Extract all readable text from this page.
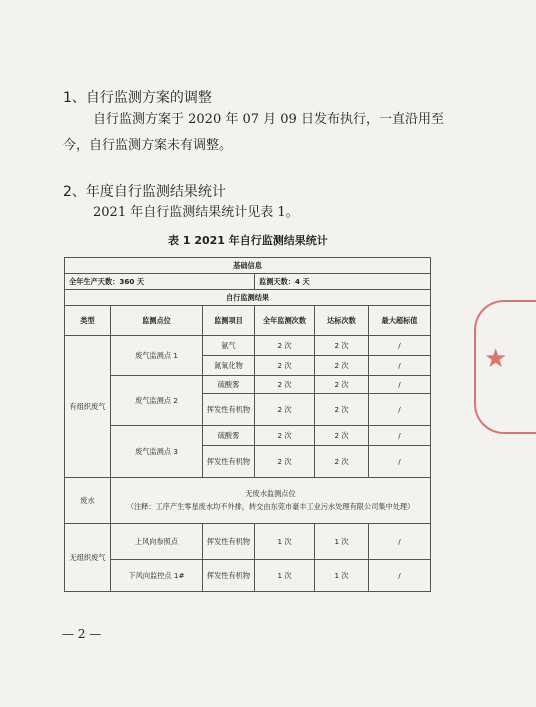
1、自行监测方案的调整
自行监测方案于 2020 年 07 月 09 日发布执行，一直沿用至
今，自行监测方案未有调整。
2、年度自行监测结果统计
2021 年自行监测结果统计见表 1。
表 1 2021 年自行监测结果统计
基础信息					
全年生产天数：360 天			监测天数：4 天		
自行监测结果					
类型	监测点位	监测项目	全年监测次数	达标次数	最大超标值
有组织废气	废气监测点 1	氨气	2 次	2 次	/
		氮氧化物	2 次	2 次	/
	废气监测点 2	硫酸雾	2 次	2 次	/
		挥发性有机物	2 次	2 次	/
	废气监测点 3	硫酸雾	2 次	2 次	/
		挥发性有机物	2 次	2 次	/
废水	无废水监测点位
（注释：工序产生零星废水均不外排，转交由东莞市豪丰工业污水处理有限公司集中处理）				

无组织废气	上风向参照点	挥发性有机物	1 次	1 次	/
	下风向监控点 1#	挥发性有机物	1 次	1 次	/
— 2 —
★
